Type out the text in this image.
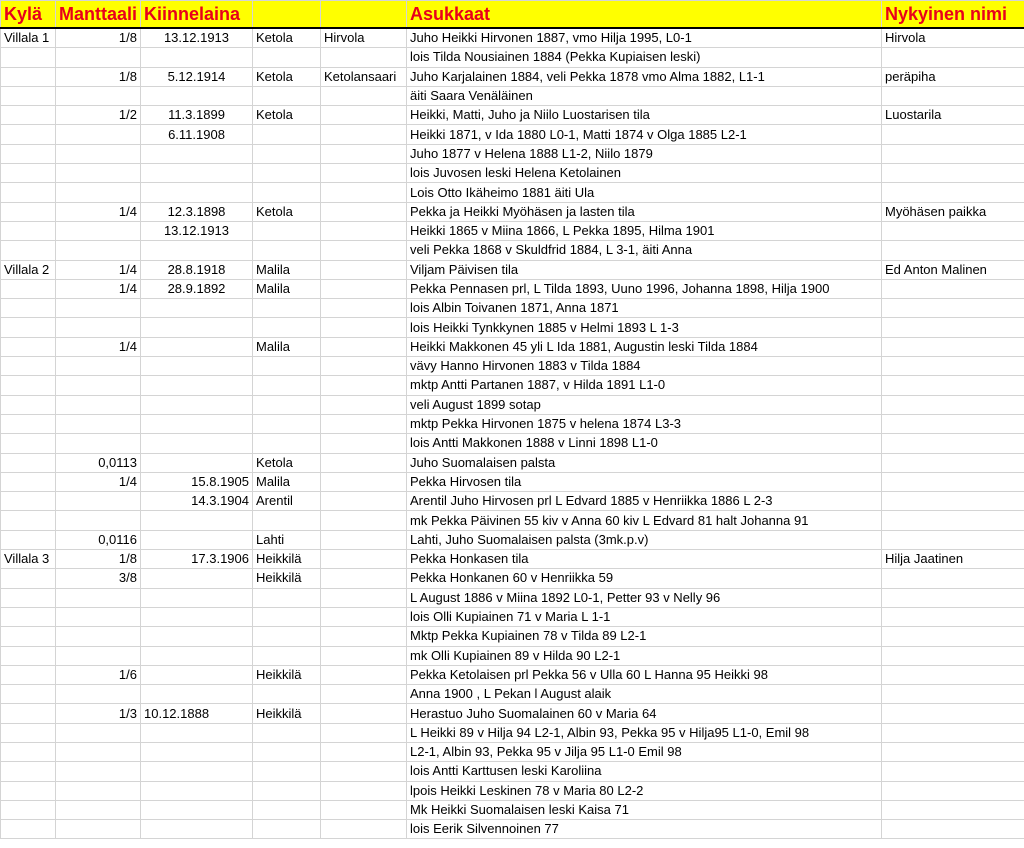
Kylä	Manttaali	Kiinnelaina			Asukkaat	Nykyinen nimi
Villala 1	1/8	13.12.1913	Ketola	Hirvola	Juho Heikki Hirvonen 1887, vmo Hilja 1995, L0-1	Hirvola
					lois Tilda Nousiainen 1884 (Pekka Kupiaisen leski)	
	1/8	5.12.1914	Ketola	Ketolansaari	Juho Karjalainen 1884, veli Pekka 1878 vmo Alma 1882, L1-1	peräpiha
					äiti Saara Venäläinen	
	1/2	11.3.1899	Ketola		Heikki, Matti, Juho ja Niilo Luostarisen tila	Luostarila
		6.11.1908			Heikki 1871, v Ida 1880 L0-1, Matti 1874 v Olga 1885 L2-1	
					Juho 1877 v Helena 1888 L1-2, Niilo 1879	
					lois Juvosen leski Helena Ketolainen	
					Lois Otto Ikäheimo 1881 äiti Ula	
	1/4	12.3.1898	Ketola		Pekka ja Heikki Myöhäsen ja lasten tila	Myöhäsen paikka
		13.12.1913			Heikki 1865 v Miina 1866, L Pekka 1895, Hilma 1901	
					veli Pekka 1868 v Skuldfrid 1884, L 3-1, äiti Anna	
Villala 2	1/4	28.8.1918	Malila		Viljam Päivisen tila	Ed Anton Malinen
	1/4	28.9.1892	Malila		Pekka Pennasen prl, L Tilda 1893, Uuno 1996, Johanna 1898, Hilja 1900	
					lois Albin Toivanen 1871, Anna 1871	
					lois Heikki Tynkkynen 1885 v Helmi 1893 L 1-3	
	1/4		Malila		Heikki Makkonen 45 yli L Ida 1881, Augustin leski Tilda 1884	
					vävy Hanno Hirvonen 1883 v Tilda 1884	
					mktp Antti Partanen 1887, v Hilda 1891 L1-0	
					veli August 1899 sotap	
					mktp Pekka Hirvonen 1875 v helena 1874 L3-3	
					lois Antti Makkonen 1888 v Linni 1898 L1-0	
	0,0113		Ketola		Juho Suomalaisen palsta	
	1/4	15.8.1905	Malila		Pekka Hirvosen tila	
		14.3.1904	Arentil		Arentil Juho Hirvosen prl L Edvard 1885 v Henriikka 1886 L 2-3	
					mk Pekka Päivinen 55 kiv v Anna 60 kiv L Edvard 81 halt Johanna 91	
	0,0116		Lahti		Lahti, Juho Suomalaisen palsta (3mk.p.v)	
Villala 3	1/8	17.3.1906	Heikkilä		Pekka Honkasen tila	Hilja Jaatinen
	3/8		Heikkilä		Pekka Honkanen 60 v Henriikka 59	
					L August 1886 v Miina 1892 L0-1, Petter 93 v Nelly 96	
					lois Olli Kupiainen 71 v Maria L 1-1	
					Mktp Pekka Kupiainen 78 v Tilda 89 L2-1	
					mk Olli Kupiainen 89 v Hilda 90 L2-1	
	1/6		Heikkilä		Pekka Ketolaisen prl Pekka 56 v Ulla 60 L Hanna 95 Heikki 98	
					Anna 1900 , L Pekan l August alaik	
	1/3	10.12.1888	Heikkilä		Herastuo Juho Suomalainen 60 v Maria 64	
					L Heikki 89 v Hilja 94 L2-1, Albin 93, Pekka 95 v Hilja95 L1-0, Emil 98	
					L2-1, Albin 93, Pekka 95 v Jilja 95 L1-0 Emil 98	
					lois Antti Karttusen leski Karoliina	
					lpois Heikki Leskinen 78 v Maria 80 L2-2	
					Mk Heikki Suomalaisen leski Kaisa 71	
					lois Eerik Silvennoinen 77	
